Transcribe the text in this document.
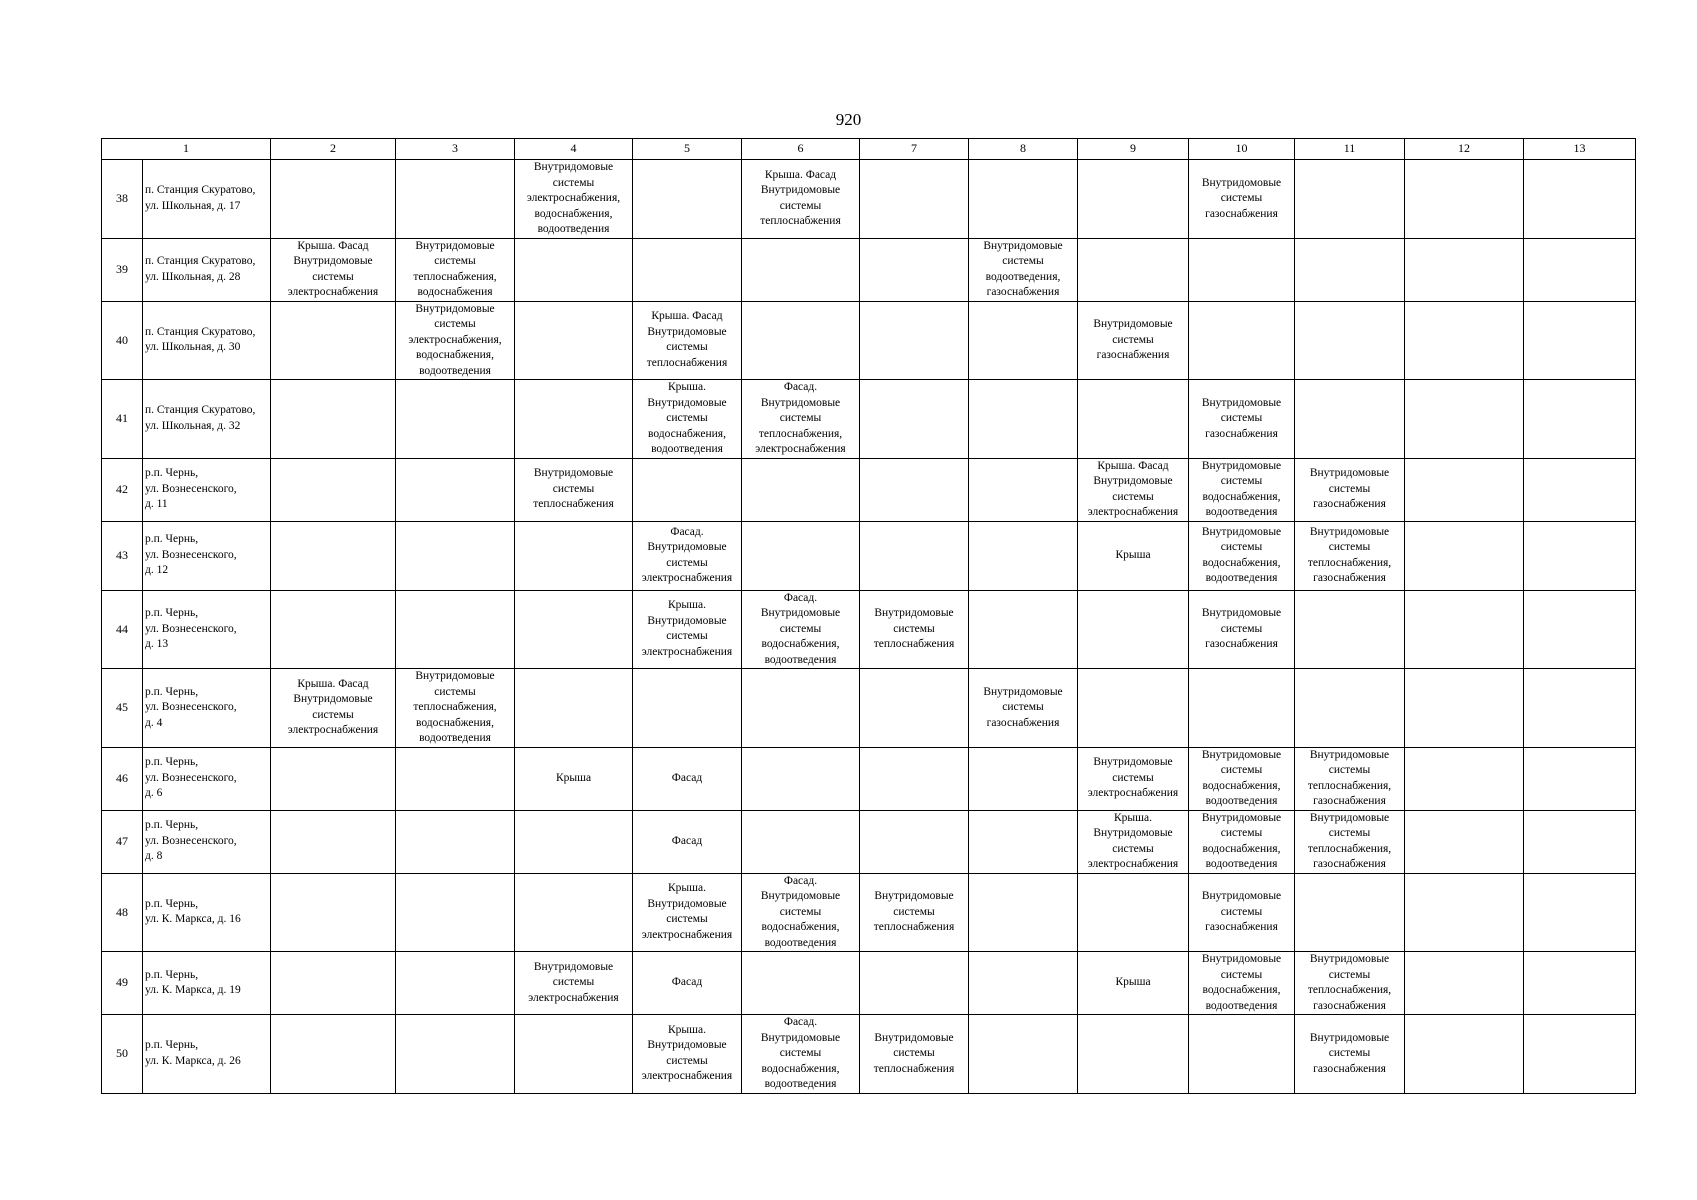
920
1		2	3	4	5	6	7	8	9	10	11	12	13
38	п. Станция Скуратово,
ул. Школьная, д. 17			Внутридомовые
системы
электроснабжения,
водоснабжения,
водоотведения		Крыша. Фасад
Внутридомовые
системы
теплоснабжения				Внутридомовые
системы
газоснабжения			
39	п. Станция Скуратово,
ул. Школьная, д. 28	Крыша. Фасад
Внутридомовые
системы
электроснабжения	Внутридомовые
системы
теплоснабжения,
водоснабжения					Внутридомовые
системы
водоотведения,
газоснабжения					
40	п. Станция Скуратово,
ул. Школьная, д. 30		Внутридомовые
системы
электроснабжения,
водоснабжения,
водоотведения		Крыша. Фасад
Внутридомовые
системы
теплоснабжения				Внутридомовые
системы
газоснабжения				
41	п. Станция Скуратово,
ул. Школьная, д. 32				Крыша.
Внутридомовые
системы
водоснабжения,
водоотведения	Фасад.
Внутридомовые
системы
теплоснабжения,
электроснабжения				Внутридомовые
системы
газоснабжения			
42	р.п. Чернь,
ул. Вознесенского,
д. 11			Внутридомовые
системы
теплоснабжения					Крыша. Фасад
Внутридомовые
системы
электроснабжения	Внутридомовые
системы
водоснабжения,
водоотведения	Внутридомовые
системы
газоснабжения		
43	р.п. Чернь,
ул. Вознесенского,
д. 12				Фасад.
Внутридомовые
системы
электроснабжения				Крыша	Внутридомовые
системы
водоснабжения,
водоотведения	Внутридомовые
системы
теплоснабжения,
газоснабжения		
44	р.п. Чернь,
ул. Вознесенского,
д. 13				Крыша.
Внутридомовые
системы
электроснабжения	Фасад.
Внутридомовые
системы
водоснабжения,
водоотведения	Внутридомовые
системы
теплоснабжения			Внутридомовые
системы
газоснабжения			
45	р.п. Чернь,
ул. Вознесенского,
д. 4	Крыша. Фасад
Внутридомовые
системы
электроснабжения	Внутридомовые
системы
теплоснабжения,
водоснабжения,
водоотведения					Внутридомовые
системы
газоснабжения					
46	р.п. Чернь,
ул. Вознесенского,
д. 6			Крыша	Фасад				Внутридомовые
системы
электроснабжения	Внутридомовые
системы
водоснабжения,
водоотведения	Внутридомовые
системы
теплоснабжения,
газоснабжения		
47	р.п. Чернь,
ул. Вознесенского,
д. 8				Фасад				Крыша.
Внутридомовые
системы
электроснабжения	Внутридомовые
системы
водоснабжения,
водоотведения	Внутридомовые
системы
теплоснабжения,
газоснабжения		
48	р.п. Чернь,
ул. К. Маркса, д. 16				Крыша.
Внутридомовые
системы
электроснабжения	Фасад.
Внутридомовые
системы
водоснабжения,
водоотведения	Внутридомовые
системы
теплоснабжения			Внутридомовые
системы
газоснабжения			
49	р.п. Чернь,
ул. К. Маркса, д. 19			Внутридомовые
системы
электроснабжения	Фасад				Крыша	Внутридомовые
системы
водоснабжения,
водоотведения	Внутридомовые
системы
теплоснабжения,
газоснабжения		
50	р.п. Чернь,
ул. К. Маркса, д. 26				Крыша.
Внутридомовые
системы
электроснабжения	Фасад.
Внутридомовые
системы
водоснабжения,
водоотведения	Внутридомовые
системы
теплоснабжения				Внутридомовые
системы
газоснабжения		
